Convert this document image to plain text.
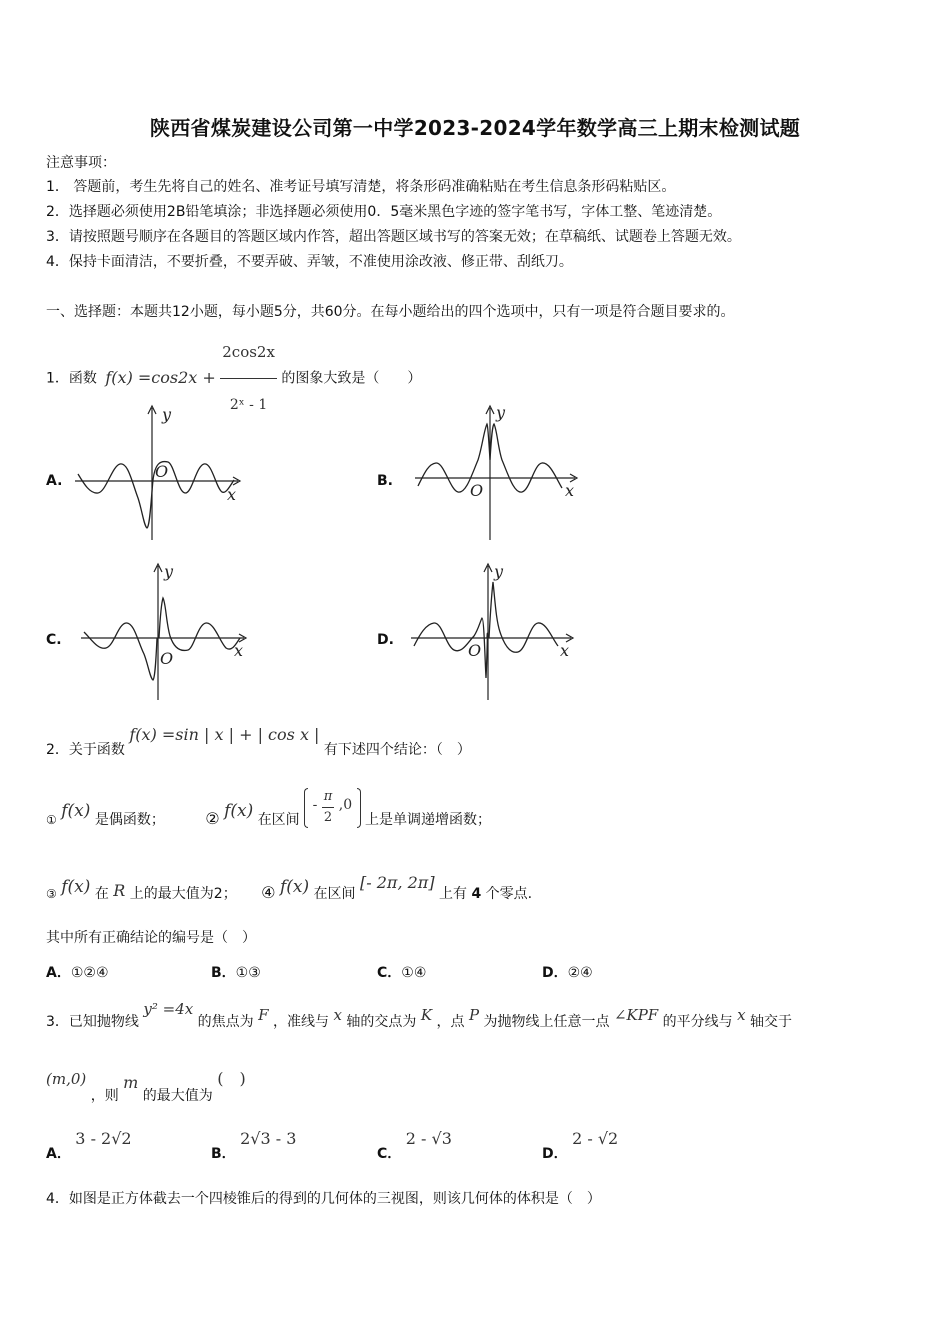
陕西省煤炭建设公司第一中学2023-2024学年数学高三上期末检测试题
注意事项：
1． 答题前，考生先将自己的姓名、准考证号填写清楚，将条形码准确粘贴在考生信息条形码粘贴区。
2．选择题必须使用2B铅笔填涂；非选择题必须使用0．5毫米黑色字迹的签字笔书写，字体工整、笔迹清楚。
3．请按照题号顺序在各题目的答题区域内作答，超出答题区域书写的答案无效；在草稿纸、试题卷上答题无效。
4．保持卡面清洁，不要折叠，不要弄破、弄皱，不准使用涂改液、修正带、刮纸刀。
一、选择题：本题共12小题，每小题5分，共60分。在每小题给出的四个选项中，只有一项是符合题目要求的。
1．函数 $f(x) =\cos 2x + \frac{2\cos 2x}{\text{2ˣ - 1}}$ 的图象大致是（　　）
A.	B.
C.	D.
O
y
x	O
y
x
O
y
x	O
y
x
2．关于函数 f(x) =sin | x | + | cos x | 有下述四个结论：（　）
① f(x) 是偶函数；	② f(x) 在区间  - $\frac{\pi}{2} ,0$  上是单调递增函数；
③ f(x) 在 R 上的最大值为2； ④ f(x) 在区间 [- 2π, 2π] 上有 4 个零点.
其中所有正确结论的编号是（　）
A．①②④	B．①③	C．①④	D．②④
3．已知抛物线 y² =4x 的焦点为 F ，准线与 x 轴的交点为 K ，点 P 为抛物线上任意一点 ∠KPF 的平分线与 x 轴交于
(m,0) ，则 m 的最大值为 (　)
A． 3 - 2√2
B． 2√3 - 3
C． 2 - √3
D． 2 - √2
4．如图是正方体截去一个四棱锥后的得到的几何体的三视图，则该几何体的体积是（　）
